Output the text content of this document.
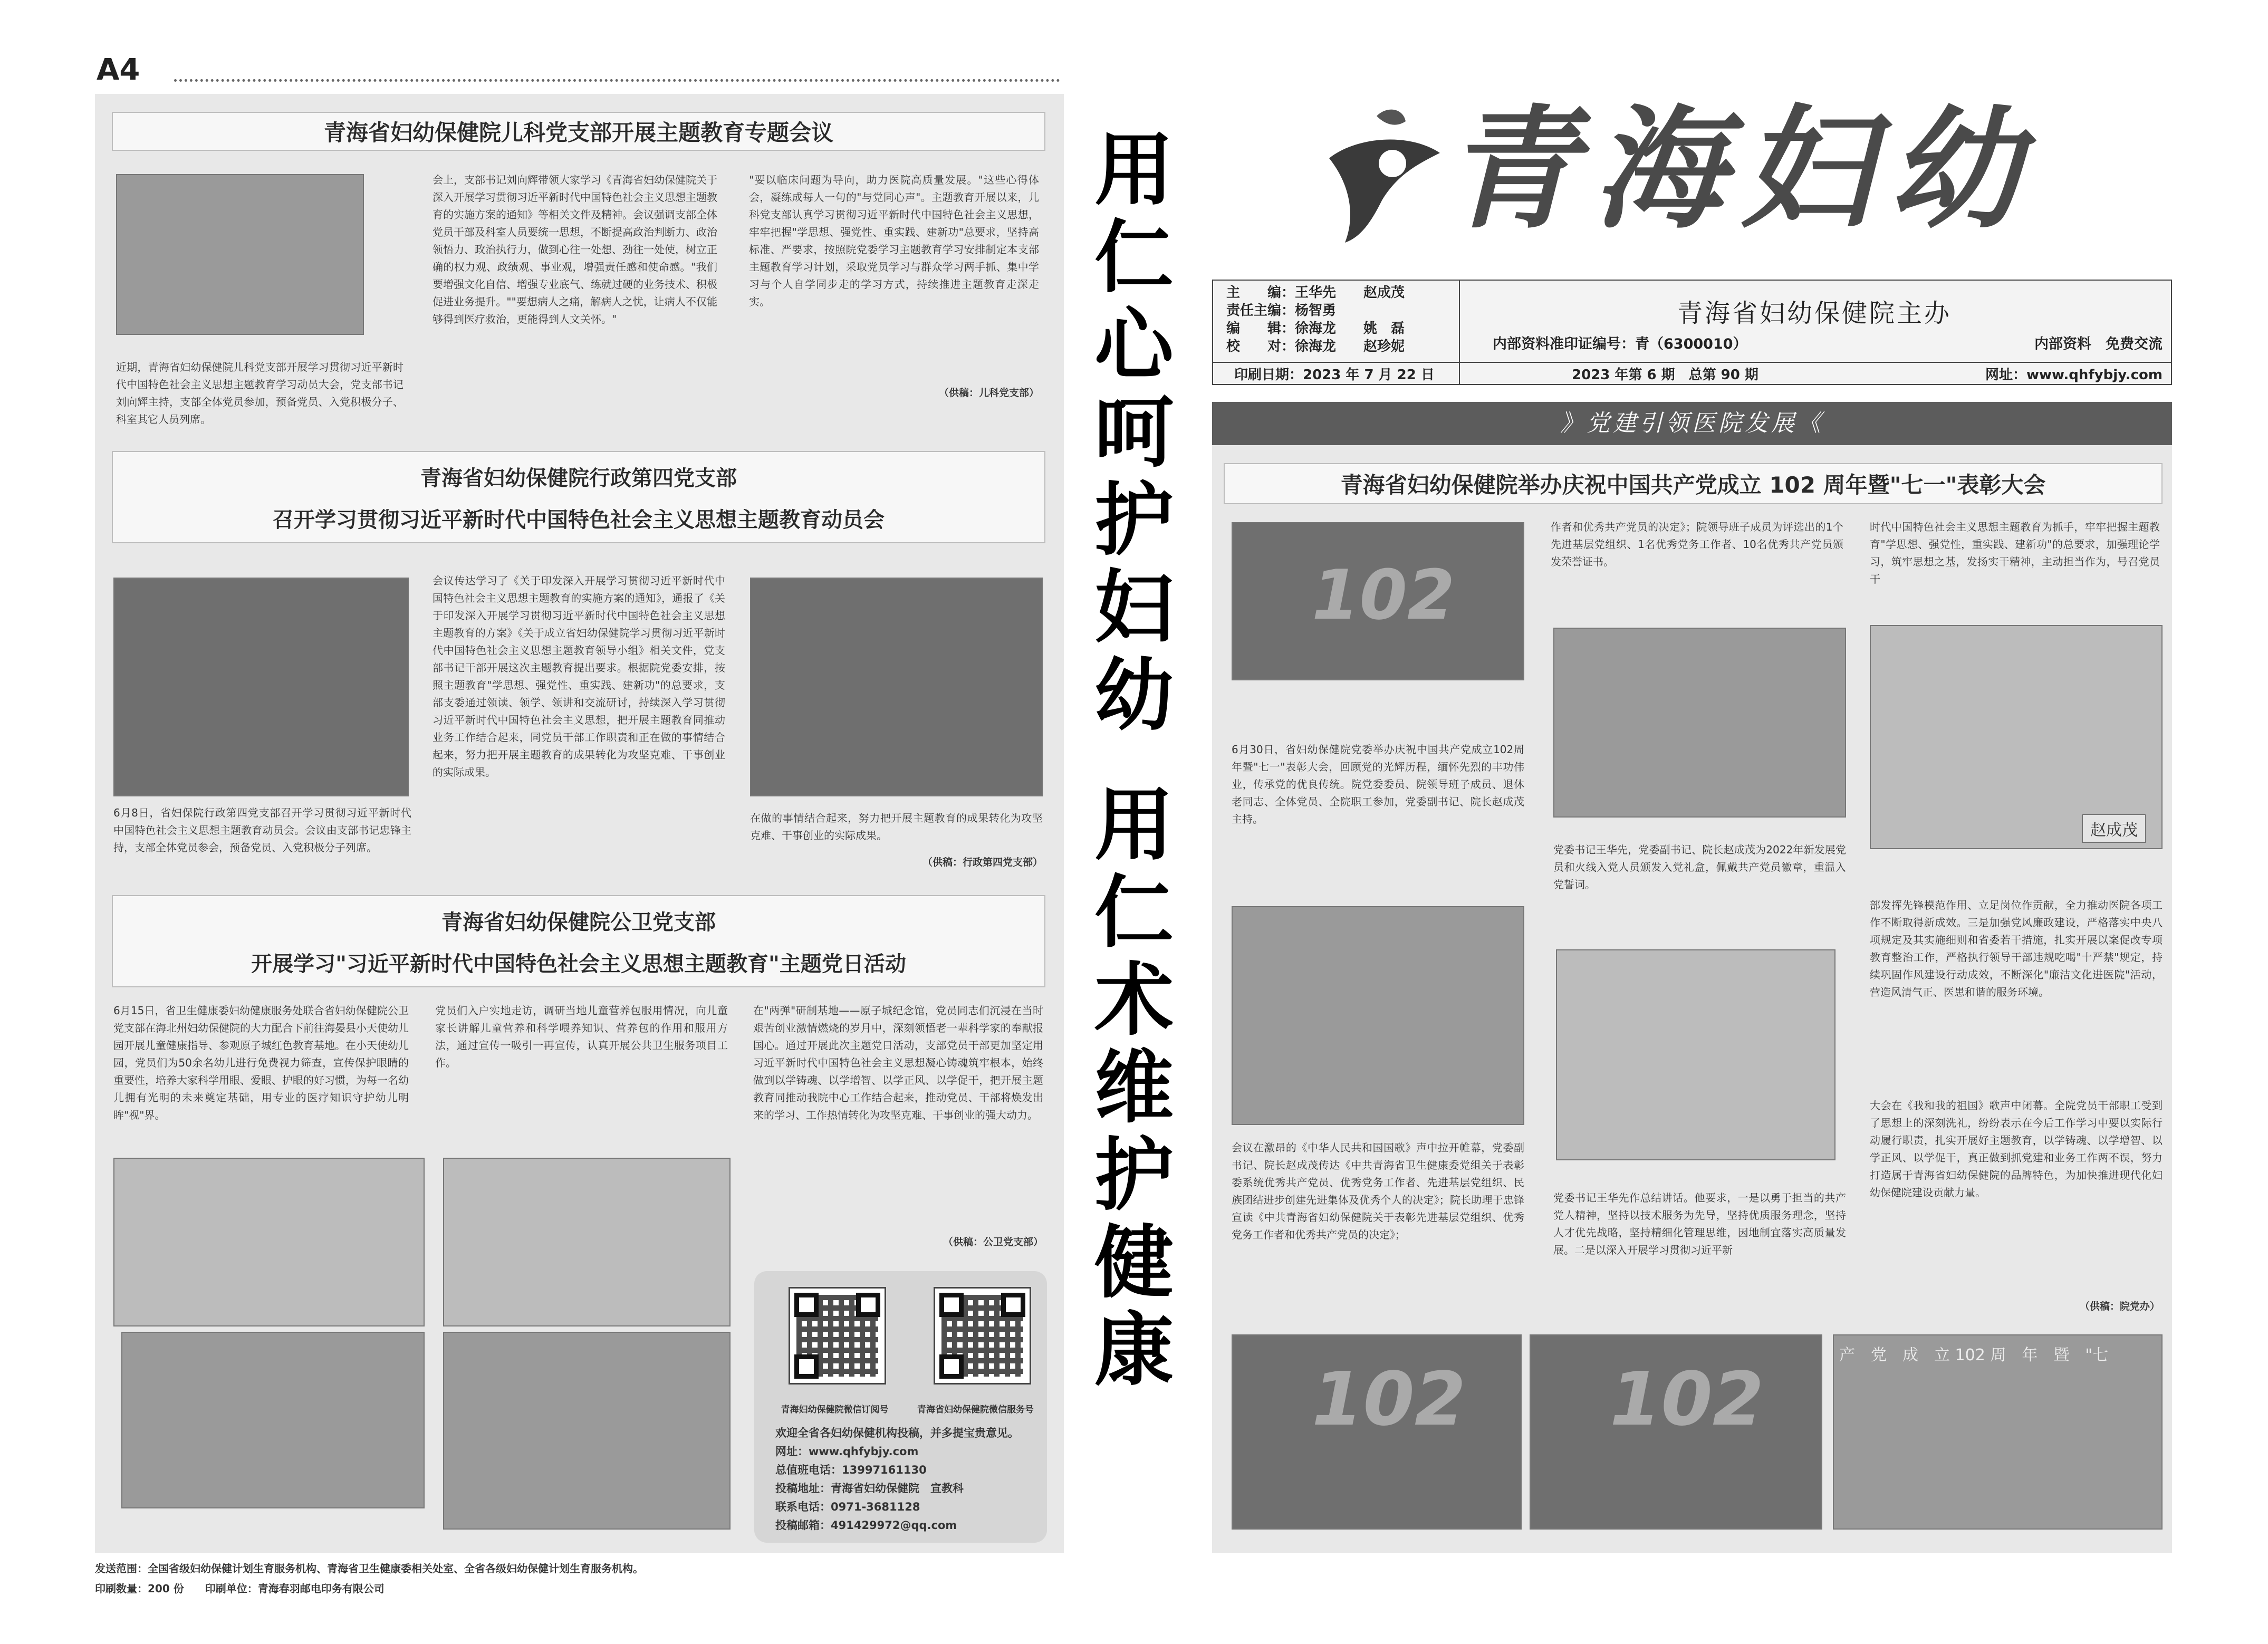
A4
青海省妇幼保健院儿科党支部开展主题教育专题会议
近期，青海省妇幼保健院儿科党支部开展学习贯彻习近平新时代中国特色社会主义思想主题教育学习动员大会，党支部书记刘向辉主持，支部全体党员参加，预备党员、入党积极分子、科室其它人员列席。
会上，支部书记刘向辉带领大家学习《青海省妇幼保健院关于深入开展学习贯彻习近平新时代中国特色社会主义思想主题教育的实施方案的通知》等相关文件及精神。会议强调支部全体党员干部及科室人员要统一思想，不断提高政治判断力、政治领悟力、政治执行力，做到心往一处想、劲往一处使，树立正确的权力观、政绩观、事业观，增强责任感和使命感。"我们要增强文化自信、增强专业底气、练就过硬的业务技术、积极促进业务提升。""要想病人之痛，解病人之忧，让病人不仅能够得到医疗救治，更能得到人文关怀。"
"要以临床问题为导向，助力医院高质量发展。"这些心得体会，凝练成每人一句的"与党同心声"。主题教育开展以来，儿科党支部认真学习贯彻习近平新时代中国特色社会主义思想，牢牢把握"学思想、强党性、重实践、建新功"总要求，坚持高标准、严要求，按照院党委学习主题教育学习安排制定本支部主题教育学习计划，采取党员学习与群众学习两手抓、集中学习与个人自学同步走的学习方式，持续推进主题教育走深走实。
（供稿：儿科党支部）
青海省妇幼保健院行政第四党支部
召开学习贯彻习近平新时代中国特色社会主义思想主题教育动员会
6月8日，省妇保院行政第四党支部召开学习贯彻习近平新时代中国特色社会主义思想主题教育动员会。会议由支部书记忠锋主持，支部全体党员参会，预备党员、入党积极分子列席。
会议传达学习了《关于印发深入开展学习贯彻习近平新时代中国特色社会主义思想主题教育的实施方案的通知》，通报了《关于印发深入开展学习贯彻习近平新时代中国特色社会主义思想主题教育的方案》《关于成立省妇幼保健院学习贯彻习近平新时代中国特色社会主义思想主题教育领导小组》相关文件，党支部书记干部开展这次主题教育提出要求。根据院党委安排，按照主题教育"学思想、强党性、重实践、建新功"的总要求，支部支委通过领读、领学、领讲和交流研讨，持续深入学习贯彻习近平新时代中国特色社会主义思想，把开展主题教育同推动业务工作结合起来，同党员干部工作职责和正在做的事情结合起来，努力把开展主题教育的成果转化为攻坚克难、干事创业的实际成果。
在做的事情结合起来，努力把开展主题教育的成果转化为攻坚克难、干事创业的实际成果。
（供稿：行政第四党支部）
青海省妇幼保健院公卫党支部
开展学习"习近平新时代中国特色社会主义思想主题教育"主题党日活动
6月15日，省卫生健康委妇幼健康服务处联合省妇幼保健院公卫党支部在海北州妇幼保健院的大力配合下前往海晏县小天使幼儿园开展儿童健康指导、参观原子城红色教育基地。在小天使幼儿园，党员们为50余名幼儿进行免费视力筛查，宣传保护眼睛的重要性，培养大家科学用眼、爱眼、护眼的好习惯，为每一名幼儿拥有光明的未来奠定基础，用专业的医疗知识守护幼儿明眸"视"界。
党员们入户实地走访，调研当地儿童营养包服用情况，向儿童家长讲解儿童营养和科学喂养知识、营养包的作用和服用方法，通过宣传一吸引一再宣传，认真开展公共卫生服务项目工作。
在"两弹"研制基地——原子城纪念馆，党员同志们沉浸在当时艰苦创业激情燃烧的岁月中，深刻领悟老一辈科学家的奉献报国心。通过开展此次主题党日活动，支部党员干部更加坚定用习近平新时代中国特色社会主义思想凝心铸魂筑牢根本，始终做到以学铸魂、以学增智、以学正风、以学促干，把开展主题教育同推动我院中心工作结合起来，推动党员、干部将焕发出来的学习、工作热情转化为攻坚克难、干事创业的强大动力。
（供稿：公卫党支部）
青海妇幼保健院微信订阅号	青海省妇幼保健院微信服务号
欢迎全省各妇幼保健机构投稿，并多提宝贵意见。
网址：www.qhfybjy.com
总值班电话：13997161130
投稿地址：青海省妇幼保健院　宣教科
联系电话：0971-3681128
投稿邮箱：491429972@qq.com
发送范围：全国省级妇幼保健计划生育服务机构、青海省卫生健康委相关处室、全省各级妇幼保健计划生育服务机构。
印刷数量：200 份　　印刷单位：青海春羽邮电印务有限公司
用
仁
心
呵
护
妇
幼
用
仁
术
维
护
健
康
青海妇幼
主　　编：王华先　　赵成茂
责任主编：杨智勇
编　　辑：徐海龙　　姚　磊
校　　对：徐海龙　　赵珍妮
青海省妇幼保健院主办
内部资料准印证编号：青（6300010）	内部资料　免费交流
印刷日期：2023 年 7 月 22 日	2023 年第 6 期　总第 90 期	网址：www.qhfybjy.com
》党建引领医院发展《
青海省妇幼保健院举办庆祝中国共产党成立 102 周年暨"七一"表彰大会
102
6月30日，省妇幼保健院党委举办庆祝中国共产党成立102周年暨"七一"表彰大会，回顾党的光辉历程，缅怀先烈的丰功伟业，传承党的优良传统。院党委委员、院领导班子成员、退休老同志、全体党员、全院职工参加，党委副书记、院长赵成茂主持。
会议在激昂的《中华人民共和国国歌》声中拉开帷幕，党委副书记、院长赵成茂传达《中共青海省卫生健康委党组关于表彰委系统优秀共产党员、优秀党务工作者、先进基层党组织、民族团结进步创建先进集体及优秀个人的决定》；院长助理于忠锋宣读《中共青海省妇幼保健院关于表彰先进基层党组织、优秀党务工作者和优秀共产党员的决定》；
作者和优秀共产党员的决定》；院领导班子成员为评选出的1个先进基层党组织、1名优秀党务工作者、10名优秀共产党员颁发荣誉证书。
党委书记王华先，党委副书记、院长赵成茂为2022年新发展党员和火线入党人员颁发入党礼盒，佩戴共产党员徽章，重温入党誓词。
党委书记王华先作总结讲话。他要求，一是以勇于担当的共产党人精神，坚持以技术服务为先导，坚持优质服务理念，坚持人才优先战略，坚持精细化管理思维，因地制宜落实高质量发展。二是以深入开展学习贯彻习近平新
时代中国特色社会主义思想主题教育为抓手，牢牢把握主题教育"学思想、强党性，重实践、建新功"的总要求，加强理论学习，筑牢思想之基，发扬实干精神，主动担当作为，号召党员干
赵成茂
部发挥先锋模范作用、立足岗位作贡献，全力推动医院各项工作不断取得新成效。三是加强党风廉政建设，严格落实中央八项规定及其实施细则和省委若干措施，扎实开展以案促改专项教育整治工作，严格执行领导干部违规吃喝"十严禁"规定，持续巩固作风建设行动成效，不断深化"廉洁文化进医院"活动，营造风清气正、医患和谐的服务环境。
大会在《我和我的祖国》歌声中闭幕。全院党员干部职工受到了思想上的深刻洗礼，纷纷表示在今后工作学习中要以实际行动履行职责，扎实开展好主题教育，以学铸魂、以学增智、以学正风、以学促干，真正做到抓党建和业务工作两不误，努力打造属于青海省妇幼保健院的品牌特色，为加快推进现代化妇幼保健院建设贡献力量。
（供稿：院党办）
102 102
产　党　成　立 102 周　年　暨　"七
